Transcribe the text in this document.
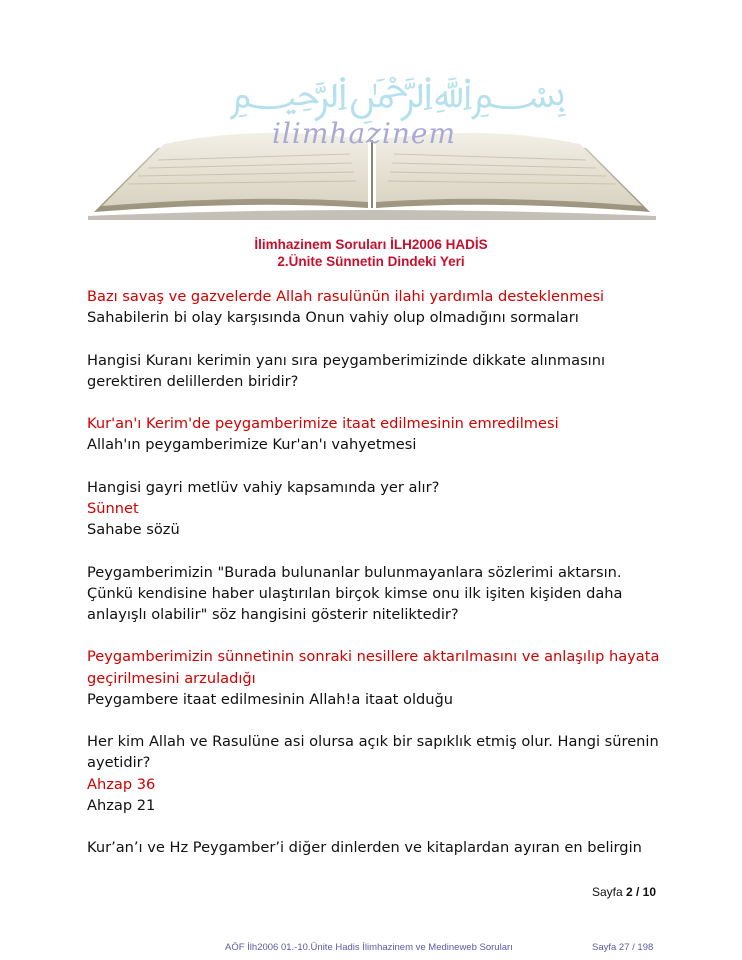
﷽
ilimhazinem
İlimhazinem Soruları İLH2006 HADİS
2.Ünite Sünnetin Dindeki Yeri
Bazı savaş ve gazvelerde Allah rasulünün ilahi yardımla desteklenmesi
Sahabilerin bi olay karşısında Onun vahiy olup olmadığını sormaları
Hangisi Kuranı kerimin yanı sıra peygamberimizinde dikkate alınmasını
gerektiren delillerden biridir?
Kur'an'ı Kerim'de peygamberimize itaat edilmesinin emredilmesi
Allah'ın peygamberimize Kur'an'ı vahyetmesi
Hangisi gayri metlüv vahiy kapsamında yer alır?
Sünnet
Sahabe sözü
Peygamberimizin "Burada bulunanlar bulunmayanlara sözlerimi aktarsın.
Çünkü kendisine haber ulaştırılan birçok kimse onu ilk işiten kişiden daha
anlayışlı olabilir" söz hangisini gösterir niteliktedir?
Peygamberimizin sünnetinin sonraki nesillere aktarılmasını ve anlaşılıp hayata
geçirilmesini arzuladığı
Peygambere itaat edilmesinin Allah!a itaat olduğu
Her kim Allah ve Rasulüne asi olursa açık bir sapıklık etmiş olur. Hangi sürenin
ayetidir?
Ahzap 36
Ahzap 21
Kur’an’ı ve Hz Peygamber’i diğer dinlerden ve kitaplardan ayıran en belirgin
Sayfa 2 / 10
AÖF İlh2006 01.-10.Ünite Hadis İlimhazinem ve Medineweb Soruları	Sayfa 27 / 198
